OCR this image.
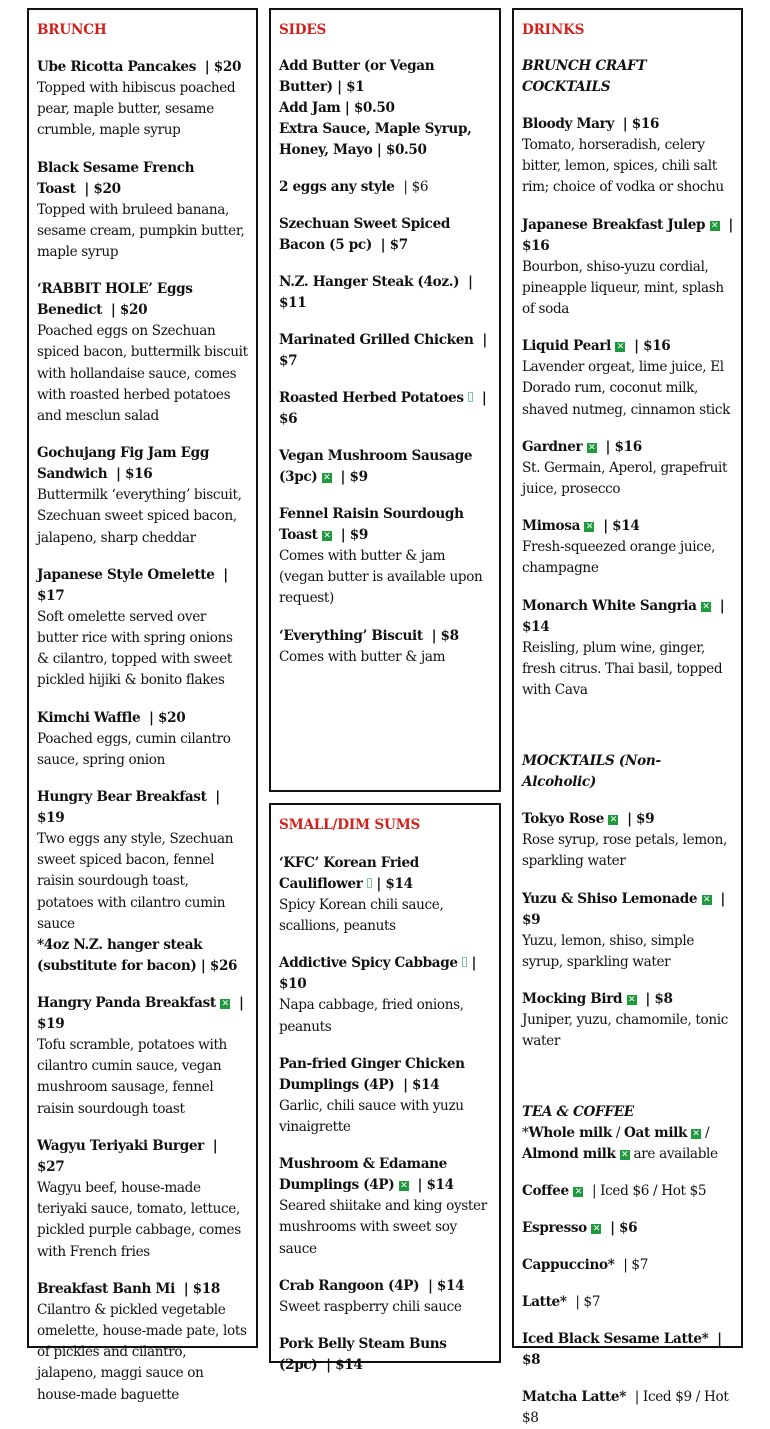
BRUNCH
Ube Ricotta Pancakes | $20
Topped with hibiscus poached pear, maple butter, sesame crumble, maple syrup
Black Sesame French Toast | $20
Topped with bruleed banana, sesame cream, pumpkin butter, maple syrup
‘RABBIT HOLE’ Eggs Benedict | $20
Poached eggs on Szechuan spiced bacon, buttermilk biscuit with hollandaise sauce, comes with roasted herbed potatoes and mesclun salad
Gochujang Fig Jam Egg Sandwich | $16
Buttermilk ‘everything’ biscuit, Szechuan sweet spiced bacon, jalapeno, sharp cheddar
Japanese Style Omelette | $17
Soft omelette served over butter rice with spring onions & cilantro, topped with sweet pickled hijiki & bonito flakes
Kimchi Waffle | $20
Poached eggs, cumin cilantro sauce, spring onion
Hungry Bear Breakfast | $19
Two eggs any style, Szechuan sweet spiced bacon, fennel raisin sourdough toast, potatoes with cilantro cumin sauce
*4oz N.Z. hanger steak (substitute for bacon) | $26
Hangry Panda Breakfast ✕ | $19
Tofu scramble, potatoes with cilantro cumin sauce, vegan mushroom sausage, fennel raisin sourdough toast
Wagyu Teriyaki Burger | $27
Wagyu beef, house-made teriyaki sauce, tomato, lettuce, pickled purple cabbage, comes with French fries
Breakfast Banh Mi | $18
Cilantro & pickled vegetable omelette, house-made pate, lots of pickles and cilantro, jalapeno, maggi sauce on house-made baguette
SIDES
Add Butter (or Vegan Butter) | $1
Add Jam | $0.50
Extra Sauce, Maple Syrup, Honey, Mayo | $0.50
2 eggs any style | $6
Szechuan Sweet Spiced Bacon (5 pc) | $7
N.Z. Hanger Steak (4oz.) | $11
Marinated Grilled Chicken | $7
Roasted Herbed Potatoes | $6
Vegan Mushroom Sausage (3pc) ✕ | $9
Fennel Raisin Sourdough Toast ✕ | $9
Comes with butter & jam (vegan butter is available upon request)
‘Everything’ Biscuit | $8
Comes with butter & jam
SMALL/DIM SUMS
‘KFC’ Korean Fried Cauliflower | $14
Spicy Korean chili sauce, scallions, peanuts
Addictive Spicy Cabbage | $10
Napa cabbage, fried onions, peanuts
Pan-fried Ginger Chicken Dumplings (4P) | $14
Garlic, chili sauce with yuzu vinaigrette
Mushroom & Edamane Dumplings (4P) ✕ | $14
Seared shiitake and king oyster mushrooms with sweet soy sauce
Crab Rangoon (4P) | $14
Sweet raspberry chili sauce
Pork Belly Steam Buns (2pc) | $14
DRINKS
BRUNCH CRAFT COCKTAILS
Bloody Mary | $16
Tomato, horseradish, celery bitter, lemon, spices, chili salt rim; choice of vodka or shochu
Japanese Breakfast Julep ✕ | $16
Bourbon, shiso-yuzu cordial, pineapple liqueur, mint, splash of soda
Liquid Pearl ✕ | $16
Lavender orgeat, lime juice, El Dorado rum, coconut milk, shaved nutmeg, cinnamon stick
Gardner ✕ | $16
St. Germain, Aperol, grapefruit juice, prosecco
Mimosa ✕ | $14
Fresh-squeezed orange juice, champagne
Monarch White Sangria ✕ | $14
Reisling, plum wine, ginger, fresh citrus. Thai basil, topped with Cava
MOCKTAILS (Non-Alcoholic)
Tokyo Rose ✕ | $9
Rose syrup, rose petals, lemon, sparkling water
Yuzu & Shiso Lemonade ✕ | $9
Yuzu, lemon, shiso, simple syrup, sparkling water
Mocking Bird ✕ | $8
Juniper, yuzu, chamomile, tonic water
TEA & COFFEE
*Whole milk / Oat milk ✕ / Almond milk ✕ are available
Coffee ✕ | Iced $6 / Hot $5
Espresso ✕ | $6
Cappuccino* | $7
Latte* | $7
Iced Black Sesame Latte* | $8
Matcha Latte* | Iced $9 / Hot $8
